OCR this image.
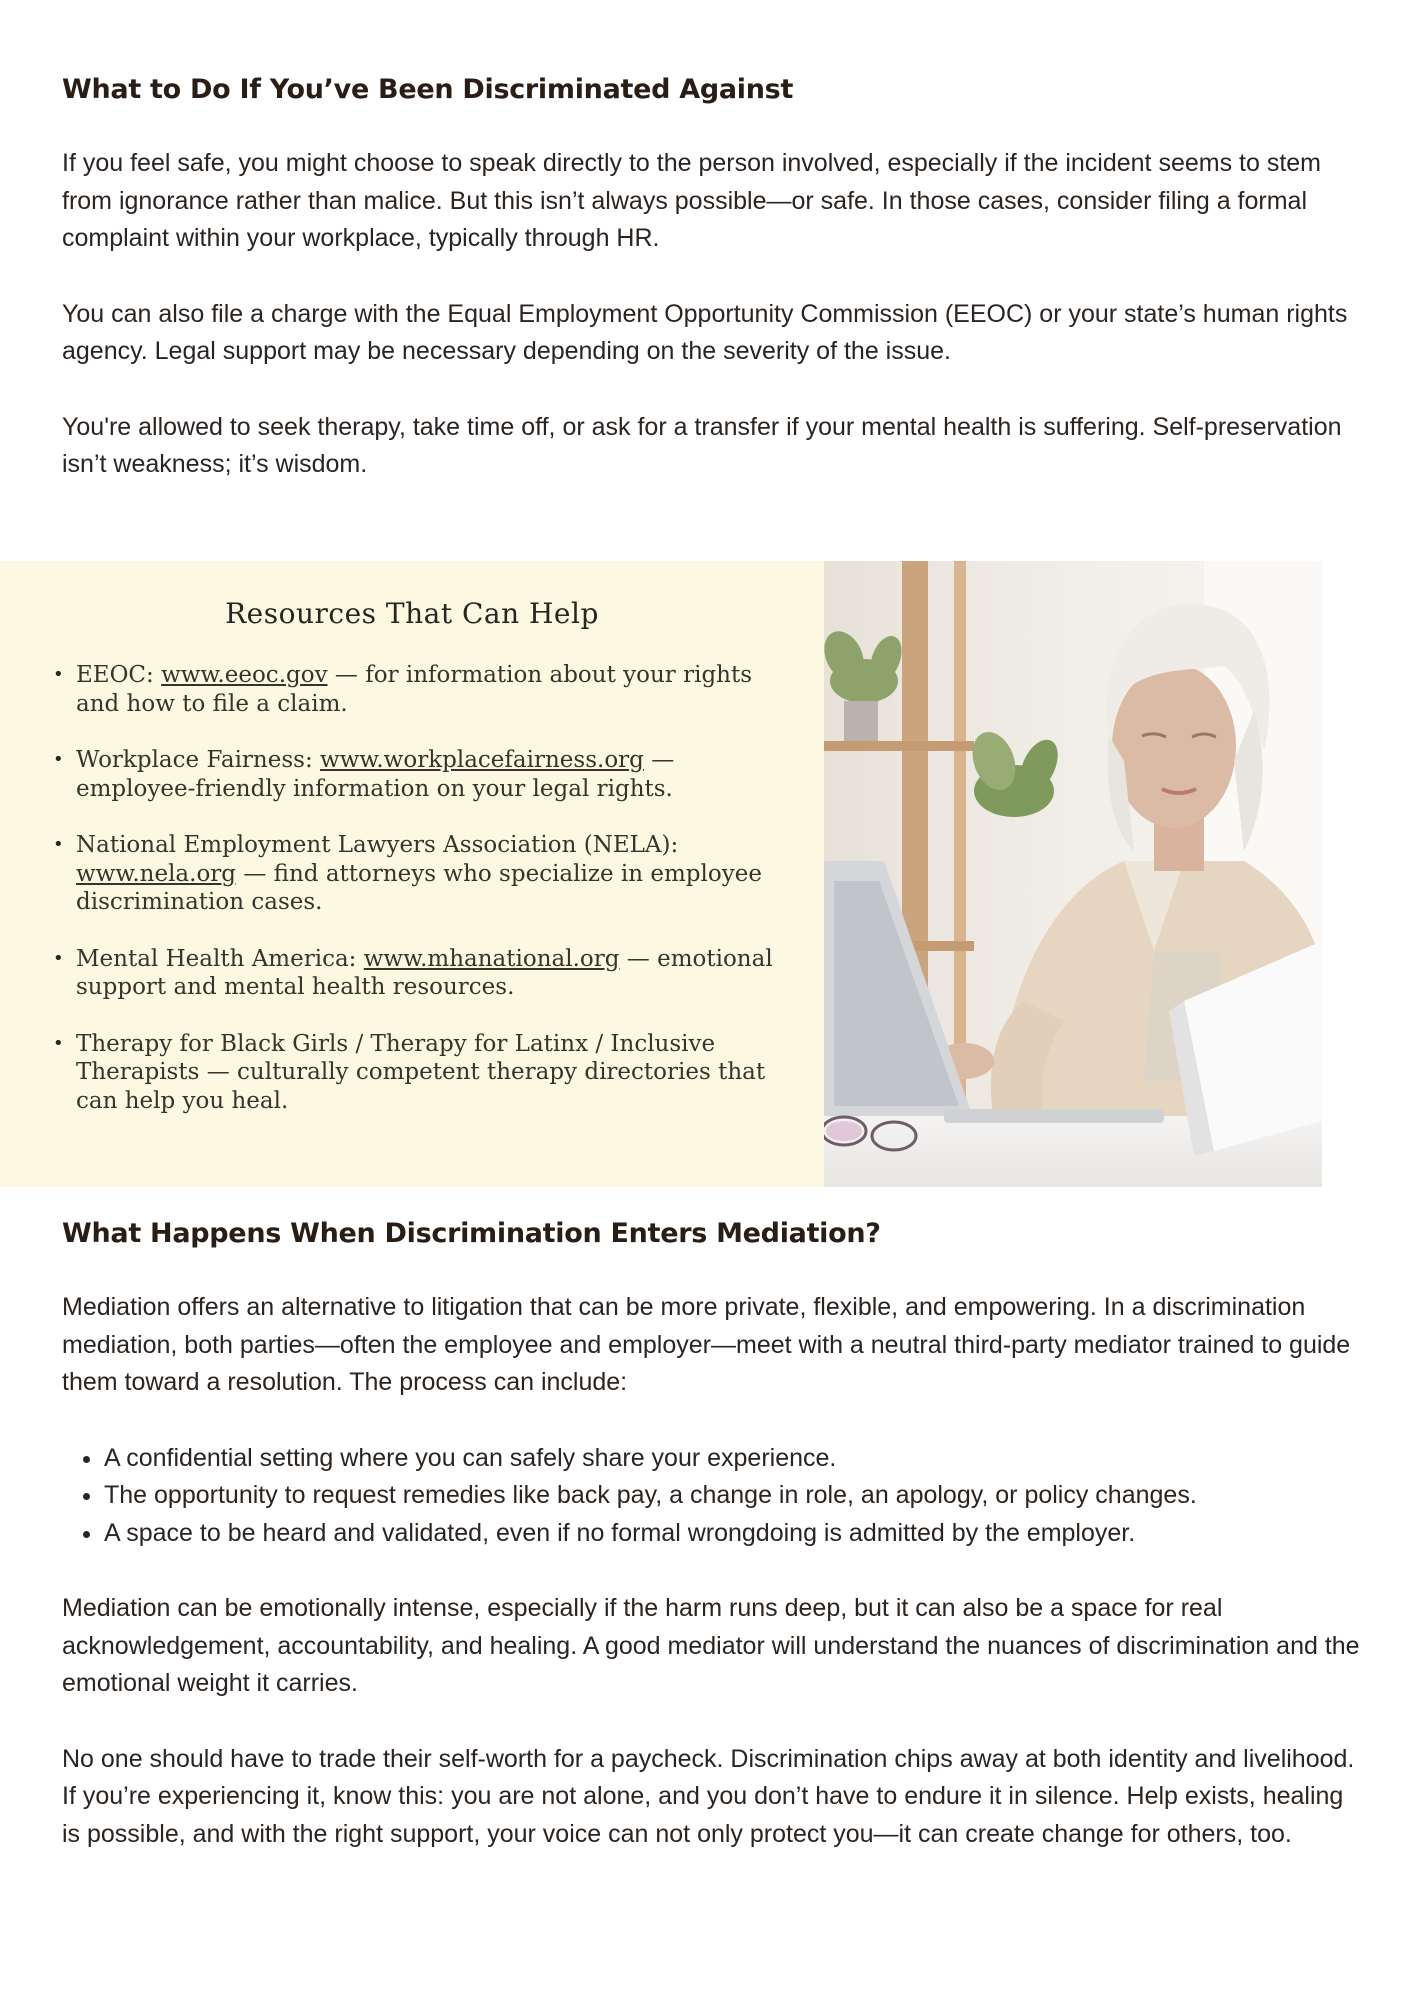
What to Do If You’ve Been Discriminated Against

If you feel safe, you might choose to speak directly to the person involved, especially if the incident seems to stem from ignorance rather than malice. But this isn’t always possible—or safe. In those cases, consider filing a formal complaint within your workplace, typically through HR.

You can also file a charge with the Equal Employment Opportunity Commission (EEOC) or your state’s human rights agency. Legal support may be necessary depending on the severity of the issue.

You're allowed to seek therapy, take time off, or ask for a transfer if your mental health is suffering. Self-preservation isn’t weakness; it’s wisdom.

Resources That Can Help
• EEOC: www.eeoc.gov — for information about your rights and how to file a claim.
• Workplace Fairness: www.workplacefairness.org — employee-friendly information on your legal rights.
• National Employment Lawyers Association (NELA): www.nela.org — find attorneys who specialize in employee discrimination cases.
• Mental Health America: www.mhanational.org — emotional support and mental health resources.
• Therapy for Black Girls / Therapy for Latinx / Inclusive Therapists — culturally competent therapy directories that can help you heal.
What Happens When Discrimination Enters Mediation?

Mediation offers an alternative to litigation that can be more private, flexible, and empowering. In a discrimination mediation, both parties—often the employee and employer—meet with a neutral third-party mediator trained to guide them toward a resolution. The process can include:

• A confidential setting where you can safely share your experience.
• The opportunity to request remedies like back pay, a change in role, an apology, or policy changes.
• A space to be heard and validated, even if no formal wrongdoing is admitted by the employer.

Mediation can be emotionally intense, especially if the harm runs deep, but it can also be a space for real acknowledgement, accountability, and healing. A good mediator will understand the nuances of discrimination and the emotional weight it carries.

No one should have to trade their self-worth for a paycheck. Discrimination chips away at both identity and livelihood. If you’re experiencing it, know this: you are not alone, and you don’t have to endure it in silence. Help exists, healing is possible, and with the right support, your voice can not only protect you—it can create change for others, too.
